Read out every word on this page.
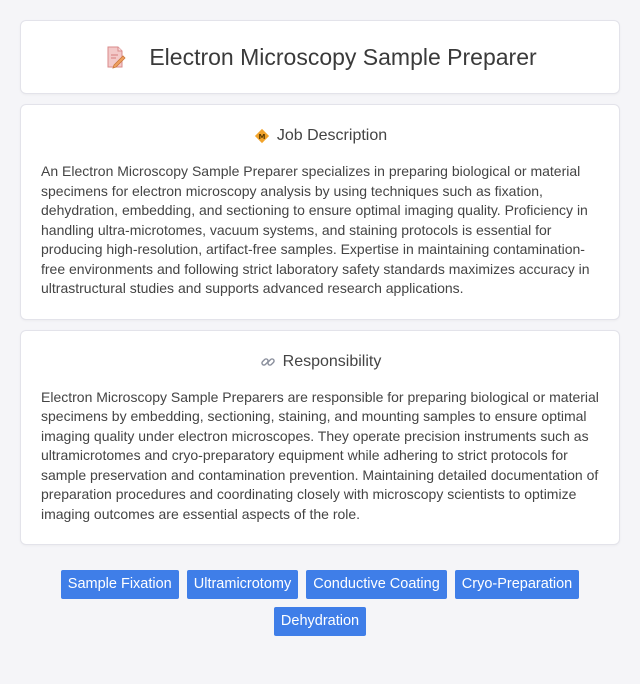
Electron Microscopy Sample Preparer
M Job Description

An Electron Microscopy Sample Preparer specializes in preparing biological or material specimens for electron microscopy analysis by using techniques such as fixation, dehydration, embedding, and sectioning to ensure optimal imaging quality. Proficiency in handling ultra-microtomes, vacuum systems, and staining protocols is essential for producing high-resolution, artifact-free samples. Expertise in maintaining contamination-free environments and following strict laboratory safety standards maximizes accuracy in ultrastructural studies and supports advanced research applications.

Responsibility

Electron Microscopy Sample Preparers are responsible for preparing biological or material specimens by embedding, sectioning, staining, and mounting samples to ensure optimal imaging quality under electron microscopes. They operate precision instruments such as ultramicrotomes and cryo-preparatory equipment while adhering to strict protocols for sample preservation and contamination prevention. Maintaining detailed documentation of preparation procedures and coordinating closely with microscopy scientists to optimize imaging outcomes are essential aspects of the role.

Sample Fixation	Ultramicrotomy	Conductive Coating	Cryo-Preparation
Dehydration
